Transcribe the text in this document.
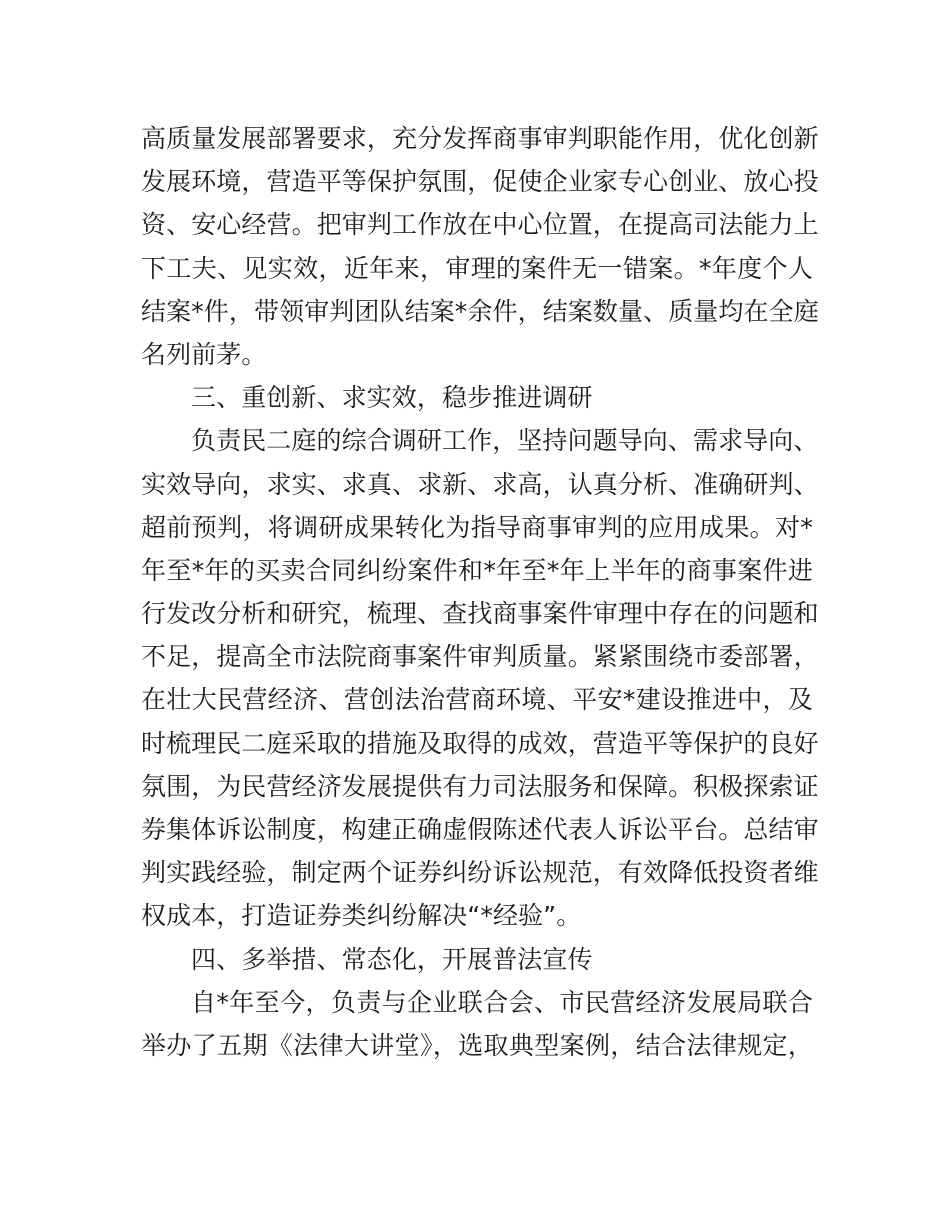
高质量发展部署要求，充分发挥商事审判职能作用，优化创新
发展环境，营造平等保护氛围，促使企业家专心创业、放心投
资、安心经营。把审判工作放在中心位置，在提高司法能力上
下工夫、见实效，近年来，审理的案件无一错案。*年度个人
结案*件，带领审判团队结案*余件，结案数量、质量均在全庭
名列前茅。
三、重创新、求实效，稳步推进调研
负责民二庭的综合调研工作，坚持问题导向、需求导向、
实效导向，求实、求真、求新、求高，认真分析、准确研判、
超前预判，将调研成果转化为指导商事审判的应用成果。对*
年至*年的买卖合同纠纷案件和*年至*年上半年的商事案件进
行发改分析和研究，梳理、查找商事案件审理中存在的问题和
不足，提高全市法院商事案件审判质量。紧紧围绕市委部署，
在壮大民营经济、营创法治营商环境、平安*建设推进中，及
时梳理民二庭采取的措施及取得的成效，营造平等保护的良好
氛围，为民营经济发展提供有力司法服务和保障。积极探索证
券集体诉讼制度，构建正确虚假陈述代表人诉讼平台。总结审
判实践经验，制定两个证券纠纷诉讼规范，有效降低投资者维
权成本，打造证券类纠纷解决“*经验”。
四、多举措、常态化，开展普法宣传
自*年至今，负责与企业联合会、市民营经济发展局联合
举办了五期《法律大讲堂》，选取典型案例，结合法律规定，
